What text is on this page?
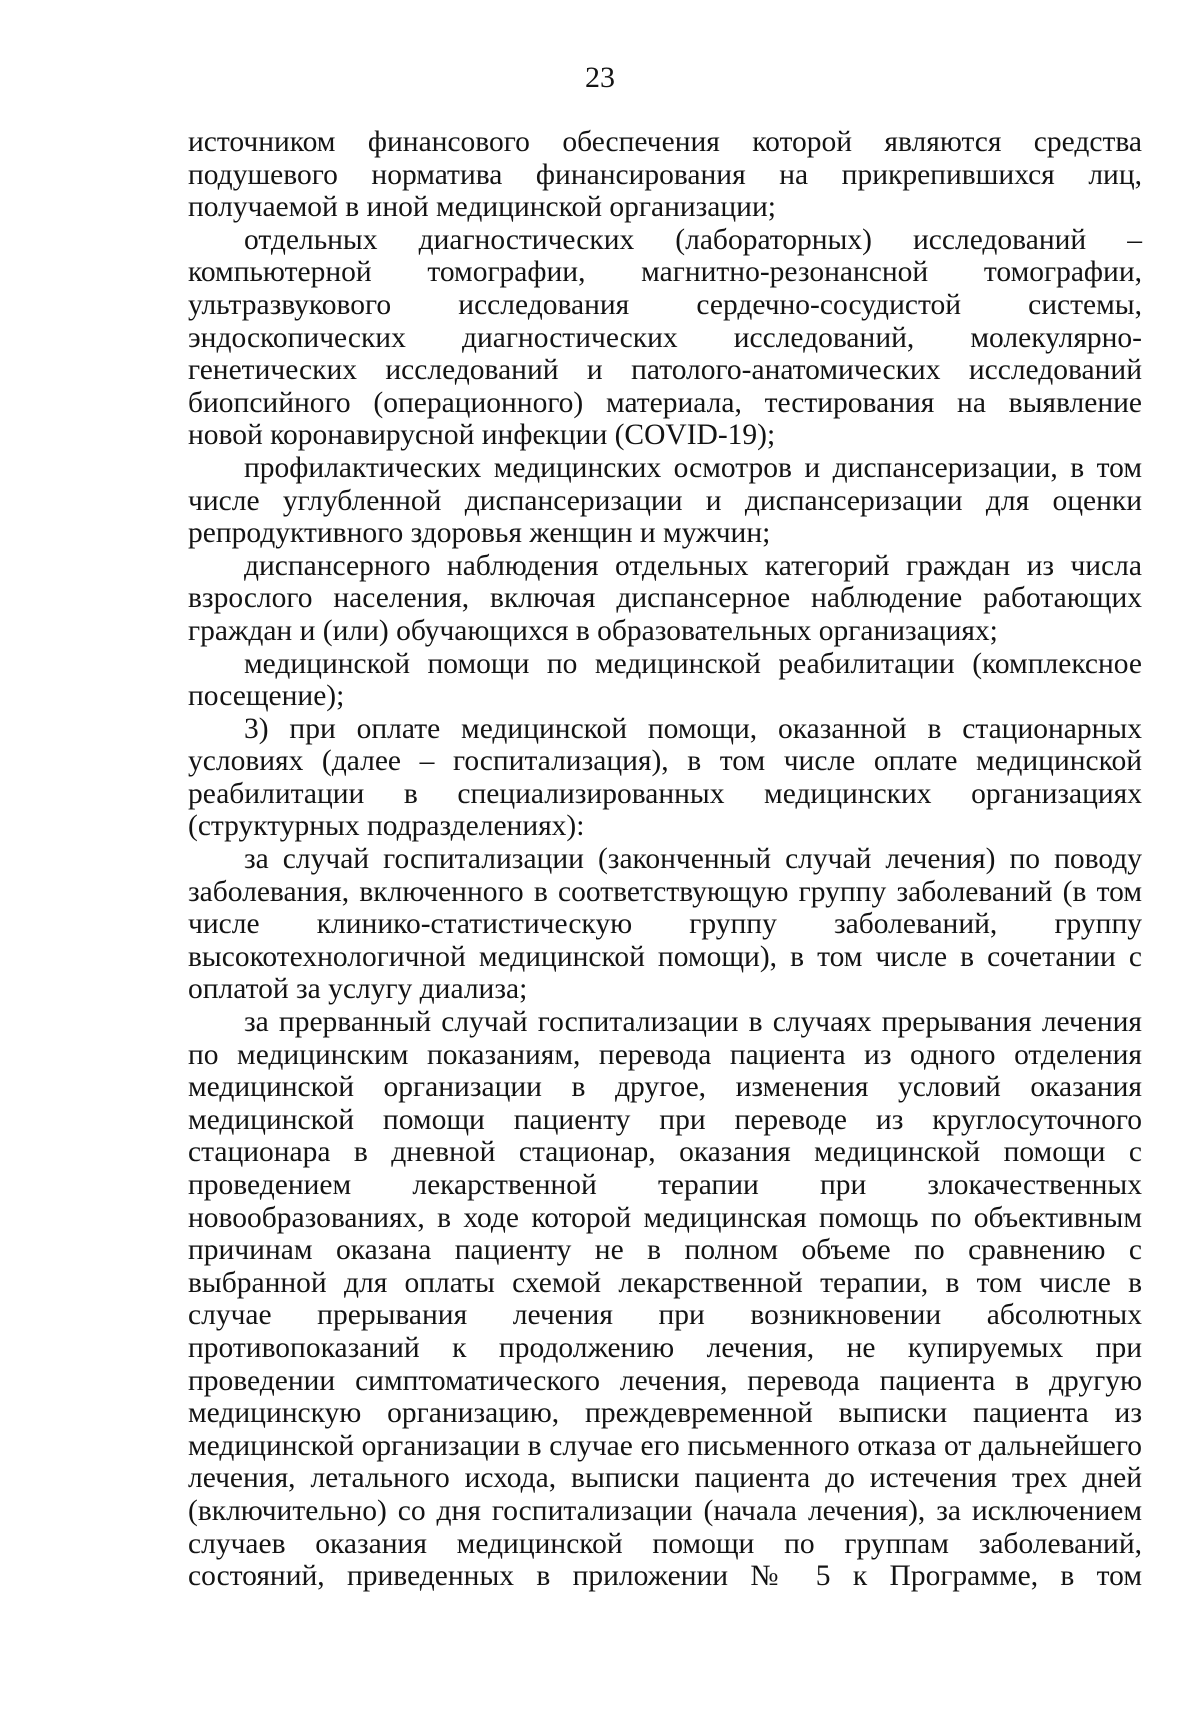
23

источником финансового обеспечения которой являются средства подушевого норматива финансирования на прикрепившихся лиц, получаемой в иной медицинской организации;

отдельных диагностических (лабораторных) исследований – компьютерной томографии, магнитно-резонансной томографии, ультразвукового исследования сердечно-сосудистой системы, эндоскопических диагностических исследований, молекулярно-генетических исследований и патолого-анатомических исследований биопсийного (операционного) материала, тестирования на выявление новой коронавирусной инфекции (COVID-19);

профилактических медицинских осмотров и диспансеризации, в том числе углубленной диспансеризации и диспансеризации для оценки репродуктивного здоровья женщин и мужчин;

диспансерного наблюдения отдельных категорий граждан из числа взрослого населения, включая диспансерное наблюдение работающих граждан и (или) обучающихся в образовательных организациях;

медицинской помощи по медицинской реабилитации (комплексное посещение);

3) при оплате медицинской помощи, оказанной в стационарных условиях (далее – госпитализация), в том числе оплате медицинской реабилитации в специализированных медицинских организациях (структурных подразделениях):

за случай госпитализации (законченный случай лечения) по поводу заболевания, включенного в соответствующую группу заболеваний (в том числе клинико-статистическую группу заболеваний, группу высокотехнологичной медицинской помощи), в том числе в сочетании с оплатой за услугу диализа;

за прерванный случай госпитализации в случаях прерывания лечения по медицинским показаниям, перевода пациента из одного отделения медицинской организации в другое, изменения условий оказания медицинской помощи пациенту при переводе из круглосуточного стационара в дневной стационар, оказания медицинской помощи с проведением лекарственной терапии при злокачественных новообразованиях, в ходе которой медицинская помощь по объективным причинам оказана пациенту не в полном объеме по сравнению с выбранной для оплаты схемой лекарственной терапии, в том числе в случае прерывания лечения при возникновении абсолютных противопоказаний к продолжению лечения, не купируемых при проведении симптоматического лечения, перевода пациента в другую медицинскую организацию, преждевременной выписки пациента из медицинской организации в случае его письменного отказа от дальнейшего лечения, летального исхода, выписки пациента до истечения трех дней (включительно) со дня госпитализации (начала лечения), за исключением случаев оказания медицинской помощи по группам заболеваний, состояний, приведенных в приложении № 5 к Программе, в том
